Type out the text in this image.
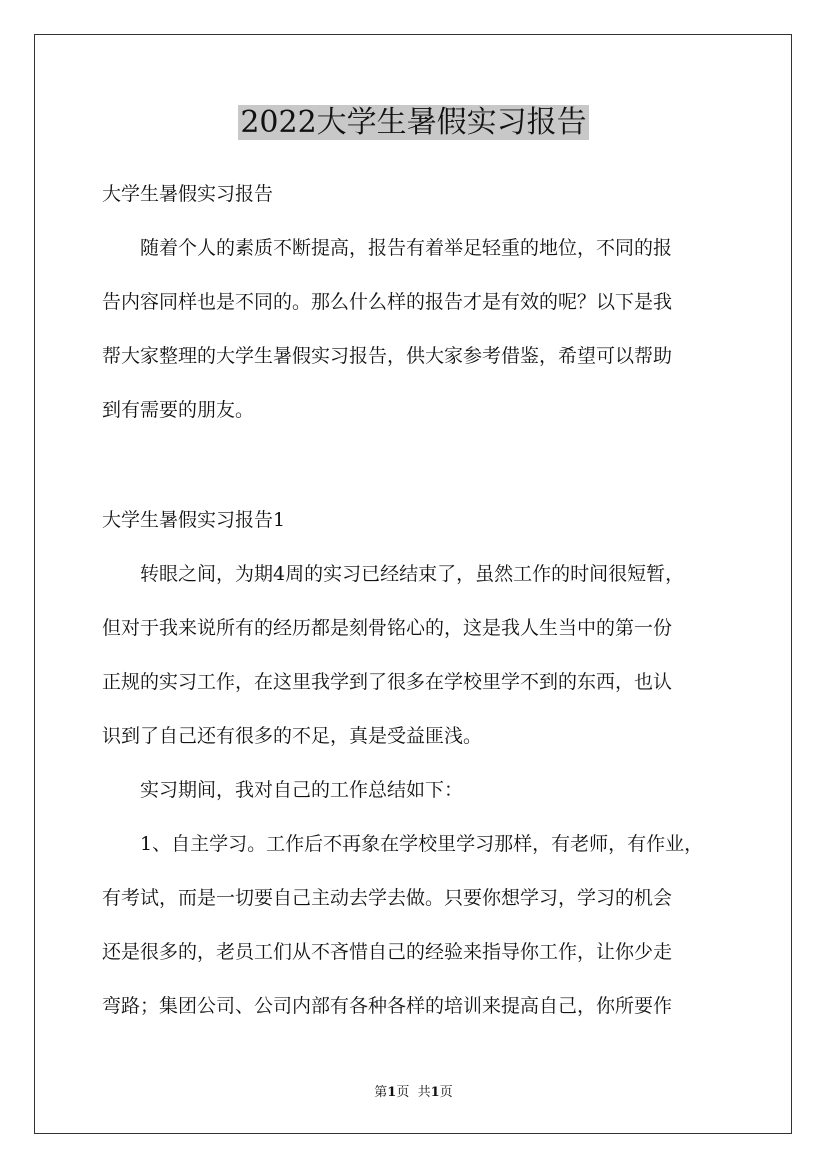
2022大学生暑假实习报告
大学生暑假实习报告
　　随着个人的素质不断提高，报告有着举足轻重的地位，不同的报
告内容同样也是不同的。那么什么样的报告才是有效的呢？以下是我
帮大家整理的大学生暑假实习报告，供大家参考借鉴，希望可以帮助
到有需要的朋友。
大学生暑假实习报告1
　　转眼之间，为期4周的实习已经结束了，虽然工作的时间很短暂，
但对于我来说所有的经历都是刻骨铭心的，这是我人生当中的第一份
正规的实习工作，在这里我学到了很多在学校里学不到的东西，也认
识到了自己还有很多的不足，真是受益匪浅。
　　实习期间，我对自己的工作总结如下：
　　1、自主学习。工作后不再象在学校里学习那样，有老师，有作业，
有考试，而是一切要自己主动去学去做。只要你想学习，学习的机会
还是很多的，老员工们从不吝惜自己的经验来指导你工作，让你少走
弯路；集团公司、公司内部有各种各样的培训来提高自己，你所要作
第1页 共1页
